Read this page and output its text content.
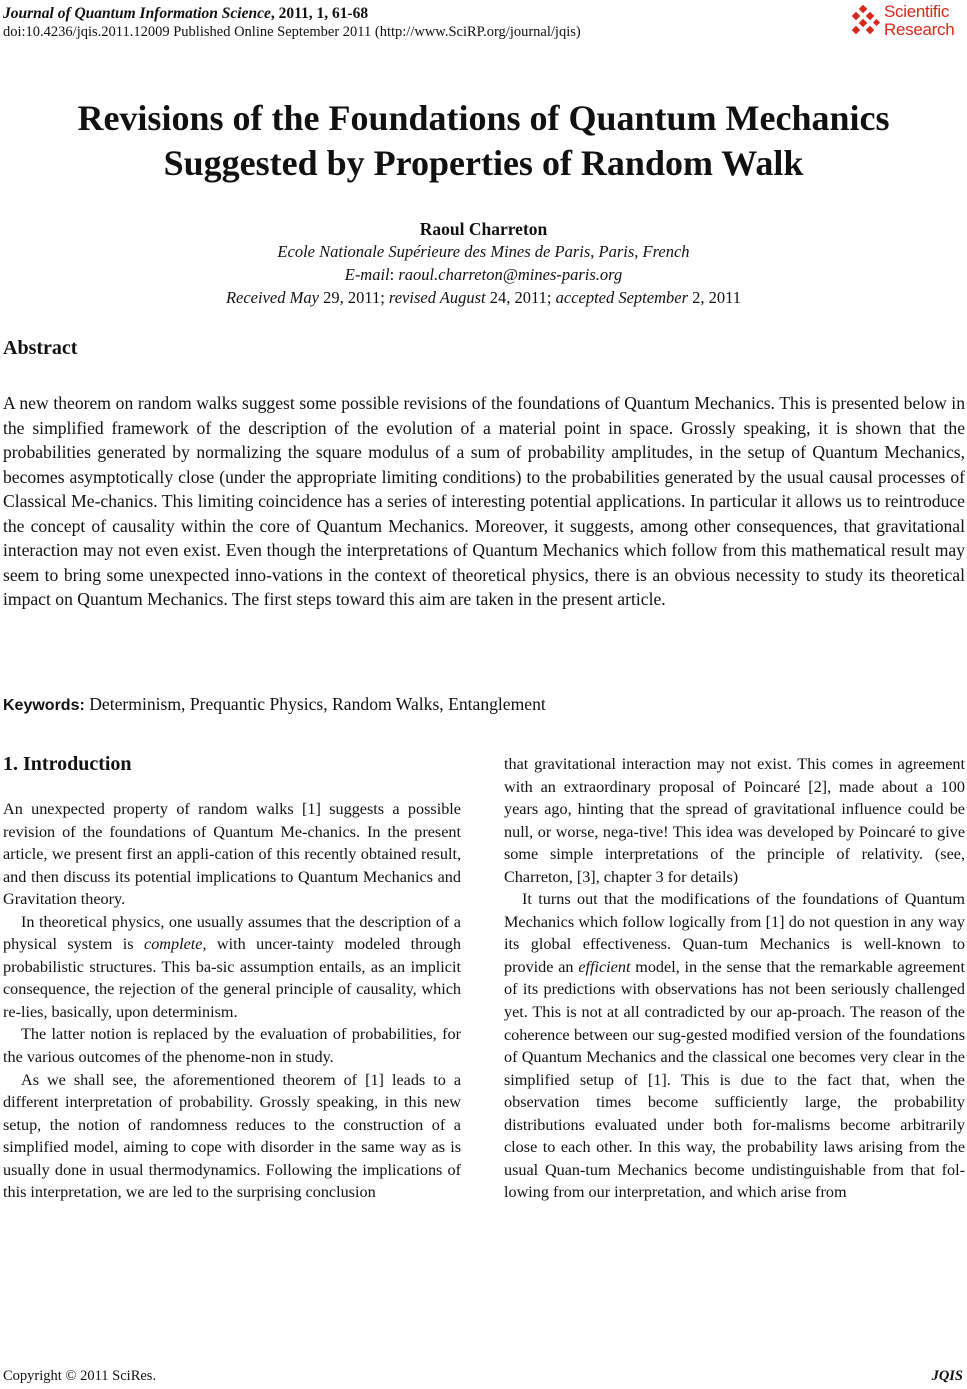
Journal of Quantum Information Science, 2011, 1, 61-68
doi:10.4236/jqis.2011.12009 Published Online September 2011 (http://www.SciRP.org/journal/jqis)
Scientific
Research
Revisions of the Foundations of Quantum Mechanics
Suggested by Properties of Random Walk
Raoul Charreton
Ecole Nationale Supérieure des Mines de Paris, Paris, French
E-mail: raoul.charreton@mines-paris.org
Received May 29, 2011; revised August 24, 2011; accepted September 2, 2011
Abstract

A new theorem on random walks suggest some possible revisions of the foundations of Quantum Mechanics. This is presented below in the simplified framework of the description of the evolution of a material point in space. Grossly speaking, it is shown that the probabilities generated by normalizing the square modulus of a sum of probability amplitudes, in the setup of Quantum Mechanics, becomes asymptotically close (under the appropriate limiting conditions) to the probabilities generated by the usual causal processes of Classical Me-chanics. This limiting coincidence has a series of interesting potential applications. In particular it allows us to reintroduce the concept of causality within the core of Quantum Mechanics. Moreover, it suggests, among other consequences, that gravitational interaction may not even exist. Even though the interpretations of Quantum Mechanics which follow from this mathematical result may seem to bring some unexpected inno-vations in the context of theoretical physics, there is an obvious necessity to study its theoretical impact on Quantum Mechanics. The first steps toward this aim are taken in the present article.

Keywords: Determinism, Prequantic Physics, Random Walks, Entanglement
1. Introduction

An unexpected property of random walks [1] suggests a possible revision of the foundations of Quantum Me-chanics. In the present article, we present first an appli-cation of this recently obtained result, and then discuss its potential implications to Quantum Mechanics and Gravitation theory.

In theoretical physics, one usually assumes that the description of a physical system is complete, with uncer-tainty modeled through probabilistic structures. This ba-sic assumption entails, as an implicit consequence, the rejection of the general principle of causality, which re-lies, basically, upon determinism.

The latter notion is replaced by the evaluation of probabilities, for the various outcomes of the phenome-non in study.

As we shall see, the aforementioned theorem of [1] leads to a different interpretation of probability. Grossly speaking, in this new setup, the notion of randomness reduces to the construction of a simplified model, aiming to cope with disorder in the same way as is usually done in usual thermodynamics. Following the implications of this interpretation, we are led to the surprising conclusion

that gravitational interaction may not exist. This comes in agreement with an extraordinary proposal of Poincaré [2], made about a 100 years ago, hinting that the spread of gravitational influence could be null, or worse, nega-tive! This idea was developed by Poincaré to give some simple interpretations of the principle of relativity. (see, Charreton, [3], chapter 3 for details)

It turns out that the modifications of the foundations of Quantum Mechanics which follow logically from [1] do not question in any way its global effectiveness. Quan-tum Mechanics is well-known to provide an efficient model, in the sense that the remarkable agreement of its predictions with observations has not been seriously challenged yet. This is not at all contradicted by our ap-proach. The reason of the coherence between our sug-gested modified version of the foundations of Quantum Mechanics and the classical one becomes very clear in the simplified setup of [1]. This is due to the fact that, when the observation times become sufficiently large, the probability distributions evaluated under both for-malisms become arbitrarily close to each other. In this way, the probability laws arising from the usual Quan-tum Mechanics become undistinguishable from that fol-lowing from our interpretation, and which arise from

Copyright © 2011 SciRes.	JQIS
